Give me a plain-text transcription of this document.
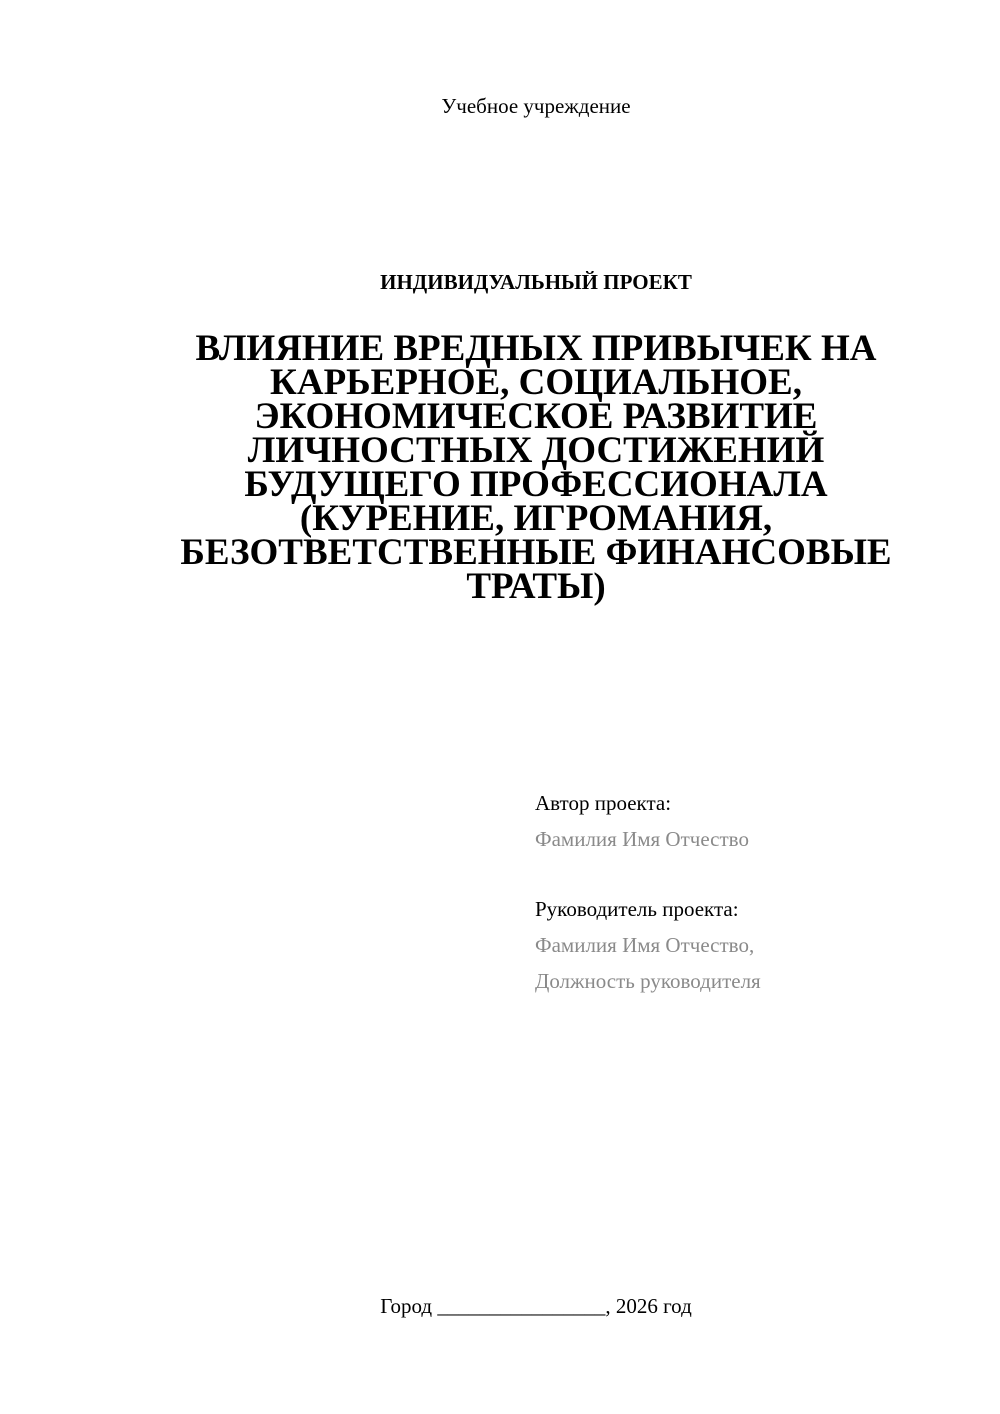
Учебное учреждение
ИНДИВИДУАЛЬНЫЙ ПРОЕКТ
ВЛИЯНИЕ ВРЕДНЫХ ПРИВЫЧЕК НА
КАРЬЕРНОЕ, СОЦИАЛЬНОЕ,
ЭКОНОМИЧЕСКОЕ РАЗВИТИЕ
ЛИЧНОСТНЫХ ДОСТИЖЕНИЙ
БУДУЩЕГО ПРОФЕССИОНАЛА
(КУРЕНИЕ, ИГРОМАНИЯ,
БЕЗОТВЕТСТВЕННЫЕ ФИНАНСОВЫЕ
ТРАТЫ)
Автор проекта:
Фамилия Имя Отчество
Руководитель проекта:
Фамилия Имя Отчество,
Должность руководителя
Город ________________, 2026 год
